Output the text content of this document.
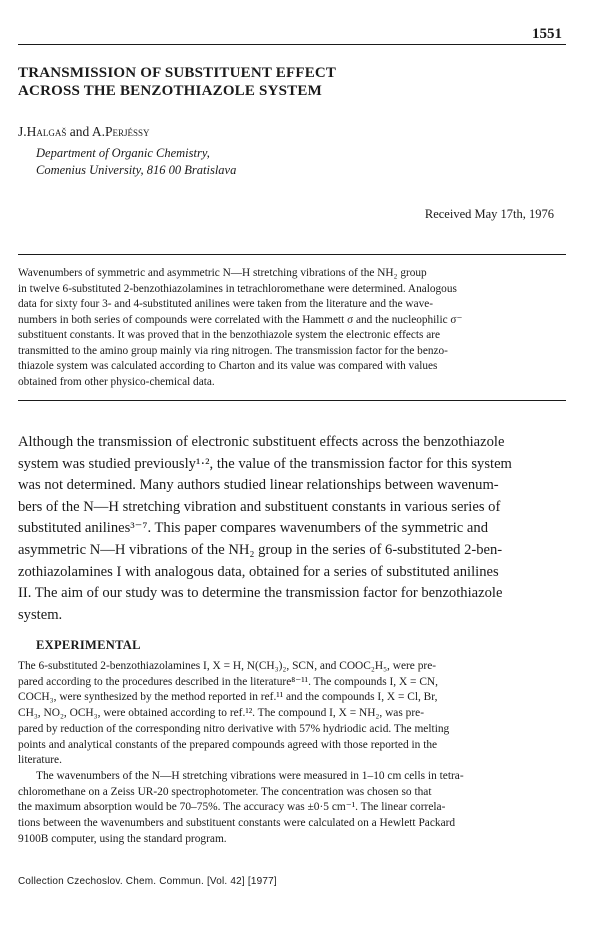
1551
TRANSMISSION OF SUBSTITUENT EFFECT
ACROSS THE BENZOTHIAZOLE SYSTEM
J.Halgaš and A.Perjéssy
Department of Organic Chemistry,
Comenius University, 816 00 Bratislava
Received May 17th, 1976
Wavenumbers of symmetric and asymmetric N—H stretching vibrations of the NH₂ group
in twelve 6-substituted 2-benzothiazolamines in tetrachloromethane were determined. Analogous
data for sixty four 3- and 4-substituted anilines were taken from the literature and the wave-
numbers in both series of compounds were correlated with the Hammett σ and the nucleophilic σ⁻
substituent constants. It was proved that in the benzothiazole system the electronic effects are
transmitted to the amino group mainly via ring nitrogen. The transmission factor for the benzo-
thiazole system was calculated according to Charton and its value was compared with values
obtained from other physico-chemical data.
Although the transmission of electronic substituent effects across the benzothiazole
system was studied previously¹·², the value of the transmission factor for this system
was not determined. Many authors studied linear relationships between wavenum-
bers of the N—H stretching vibration and substituent constants in various series of
substituted anilines³⁻⁷. This paper compares wavenumbers of the symmetric and
asymmetric N—H vibrations of the NH₂ group in the series of 6-substituted 2-ben-
zothiazolamines I with analogous data, obtained for a series of substituted anilines
II. The aim of our study was to determine the transmission factor for benzothiazole
system.
EXPERIMENTAL
The 6-substituted 2-benzothiazolamines I, X = H, N(CH₃)₂, SCN, and COOC₂H₅, were pre-
pared according to the procedures described in the literature⁸⁻¹¹. The compounds I, X = CN,
COCH₃, were synthesized by the method reported in ref.¹¹ and the compounds I, X = Cl, Br,
CH₃, NO₂, OCH₃, were obtained according to ref.¹². The compound I, X = NH₂, was pre-
pared by reduction of the corresponding nitro derivative with 57% hydriodic acid. The melting
points and analytical constants of the prepared compounds agreed with those reported in the
literature.
The wavenumbers of the N—H stretching vibrations were measured in 1–10 cm cells in tetra-
chloromethane on a Zeiss UR-20 spectrophotometer. The concentration was chosen so that
the maximum absorption would be 70–75%. The accuracy was ±0·5 cm⁻¹. The linear correla-
tions between the wavenumbers and substituent constants were calculated on a Hewlett Packard
9100B computer, using the standard program.
Collection Czechoslov. Chem. Commun. [Vol. 42] [1977]
